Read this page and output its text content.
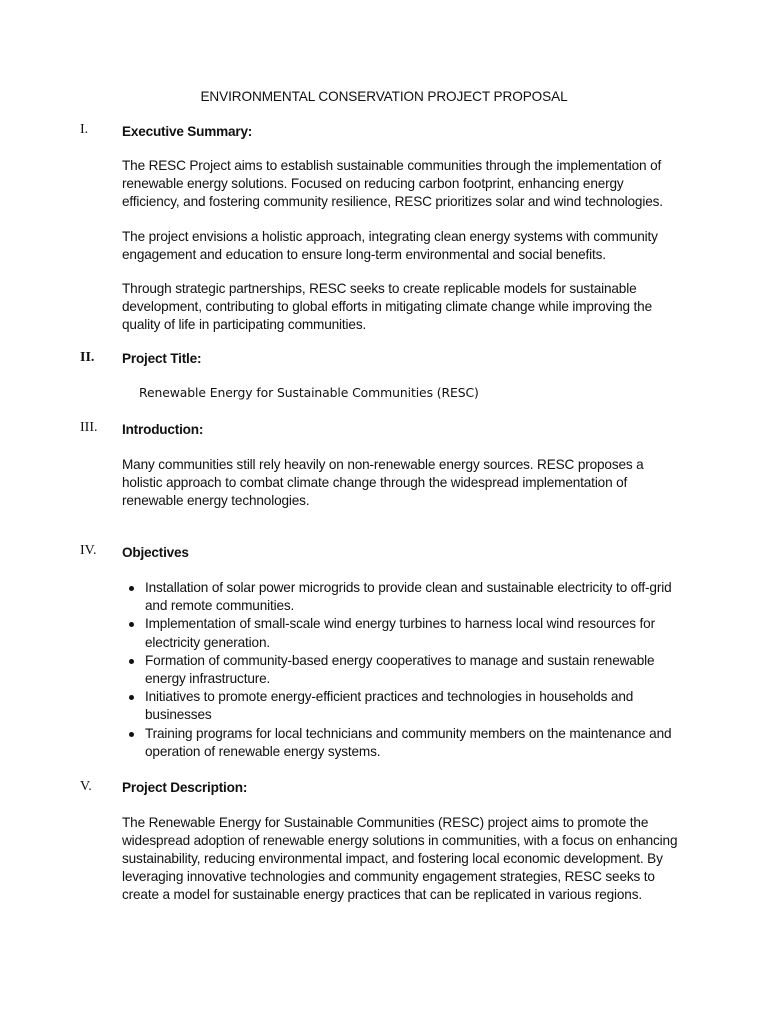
ENVIRONMENTAL CONSERVATION PROJECT PROPOSAL
I.	Executive Summary:

The RESC Project aims to establish sustainable communities through the implementation of renewable energy solutions. Focused on reducing carbon footprint, enhancing energy efficiency, and fostering community resilience, RESC prioritizes solar and wind technologies.

The project envisions a holistic approach, integrating clean energy systems with community engagement and education to ensure long-term environmental and social benefits.

Through strategic partnerships, RESC seeks to create replicable models for sustainable development, contributing to global efforts in mitigating climate change while improving the quality of life in participating communities.

II.	Project Title:

Renewable Energy for Sustainable Communities (RESC)

III.	Introduction:

Many communities still rely heavily on non-renewable energy sources. RESC proposes a holistic approach to combat climate change through the widespread implementation of renewable energy technologies.

IV.	Objectives
Installation of solar power microgrids to provide clean and sustainable electricity to off-grid and remote communities.
Implementation of small-scale wind energy turbines to harness local wind resources for electricity generation.
Formation of community-based energy cooperatives to manage and sustain renewable energy infrastructure.
Initiatives to promote energy-efficient practices and technologies in households and businesses
Training programs for local technicians and community members on the maintenance and operation of renewable energy systems.
V.	Project Description:

The Renewable Energy for Sustainable Communities (RESC) project aims to promote the widespread adoption of renewable energy solutions in communities, with a focus on enhancing sustainability, reducing environmental impact, and fostering local economic development. By leveraging innovative technologies and community engagement strategies, RESC seeks to create a model for sustainable energy practices that can be replicated in various regions.
